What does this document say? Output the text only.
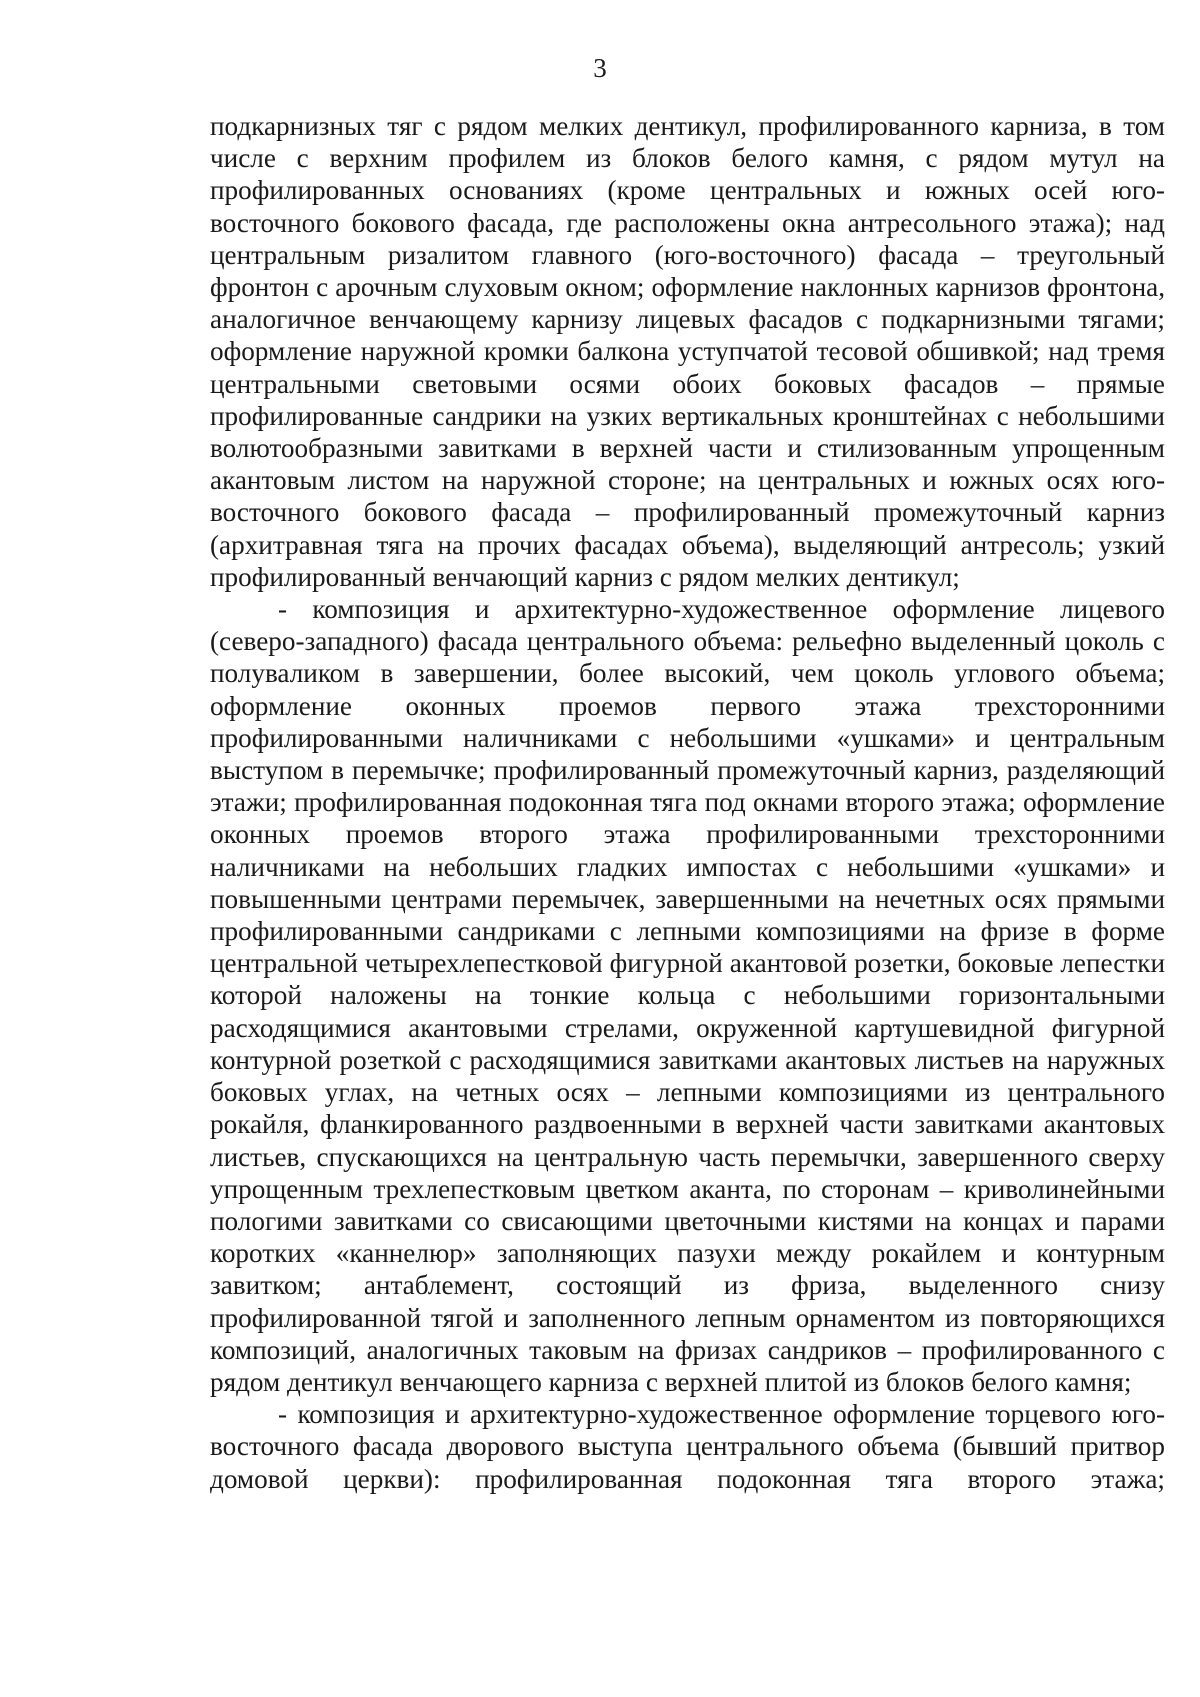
3

подкарнизных тяг с рядом мелких дентикул, профилированного карниза, в том числе с верхним профилем из блоков белого камня, с рядом мутул на профилированных основаниях (кроме центральных и южных осей юго-восточного бокового фасада, где расположены окна антресольного этажа); над центральным ризалитом главного (юго-восточного) фасада – треугольный фронтон с арочным слуховым окном; оформление наклонных карнизов фронтона, аналогичное венчающему карнизу лицевых фасадов с подкарнизными тягами; оформление наружной кромки балкона уступчатой тесовой обшивкой; над тремя центральными световыми осями обоих боковых фасадов – прямые профилированные сандрики на узких вертикальных кронштейнах с небольшими волютообразными завитками в верхней части и стилизованным упрощенным акантовым листом на наружной стороне; на центральных и южных осях юго-восточного бокового фасада – профилированный промежуточный карниз (архитравная тяга на прочих фасадах объема), выделяющий антресоль; узкий профилированный венчающий карниз с рядом мелких дентикул;

- композиция и архитектурно-художественное оформление лицевого (северо-западного) фасада центрального объема: рельефно выделенный цоколь с полуваликом в завершении, более высокий, чем цоколь углового объема; оформление оконных проемов первого этажа трехсторонними профилированными наличниками с небольшими «ушками» и центральным выступом в перемычке; профилированный промежуточный карниз, разделяющий этажи; профилированная подоконная тяга под окнами второго этажа; оформление оконных проемов второго этажа профилированными трехсторонними наличниками на небольших гладких импостах с небольшими «ушками» и повышенными центрами перемычек, завершенными на нечетных осях прямыми профилированными сандриками с лепными композициями на фризе в форме центральной четырехлепестковой фигурной акантовой розетки, боковые лепестки которой наложены на тонкие кольца с небольшими горизонтальными расходящимися акантовыми стрелами, окруженной картушевидной фигурной контурной розеткой с расходящимися завитками акантовых листьев на наружных боковых углах, на четных осях – лепными композициями из центрального рокайля, фланкированного раздвоенными в верхней части завитками акантовых листьев, спускающихся на центральную часть перемычки, завершенного сверху упрощенным трехлепестковым цветком аканта, по сторонам – криволинейными пологими завитками со свисающими цветочными кистями на концах и парами коротких «каннелюр» заполняющих пазухи между рокайлем и контурным завитком; антаблемент, состоящий из фриза, выделенного снизу профилированной тягой и заполненного лепным орнаментом из повторяющихся композиций, аналогичных таковым на фризах сандриков – профилированного с рядом дентикул венчающего карниза с верхней плитой из блоков белого камня;

- композиция и архитектурно-художественное оформление торцевого юго-восточного фасада дворового выступа центрального объема (бывший притвор домовой церкви): профилированная подоконная тяга второго этажа;
